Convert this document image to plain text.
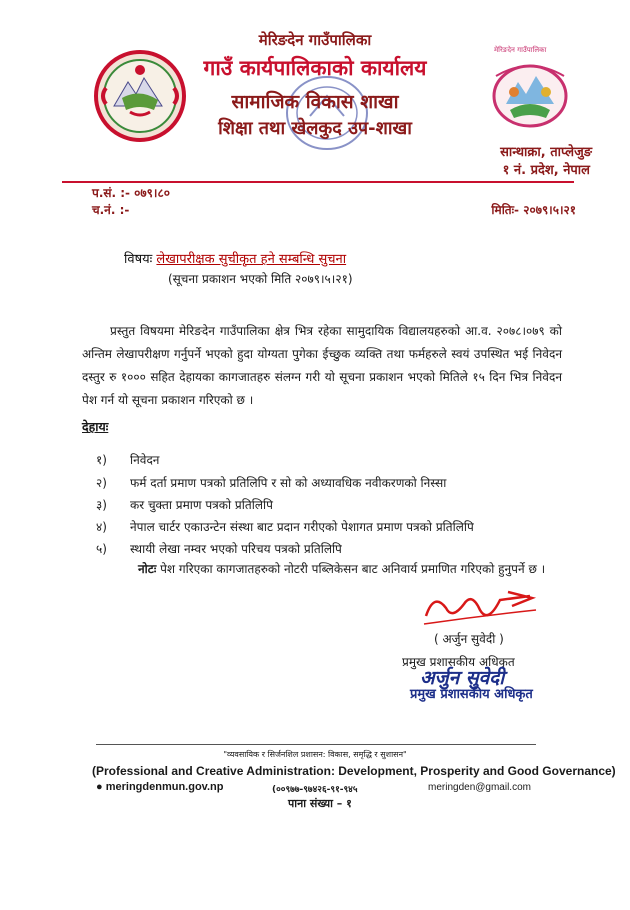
मेरिङदेन गाउँपालिका
मेरिङदेन गाउँपालिका
गाउँ कार्यपालिकाको कार्यालय
सामाजिक विकास शाखा
शिक्षा तथा खेलकुद उप-शाखा
सान्थाक्रा, ताप्लेजुङ
१ नं. प्रदेश, नेपाल
प.सं. :- ०७९।८०
च.नं. :-	मितिः- २०७९।५।२१
विषयः लेखापरीक्षक सुचीकृत हने सम्बन्धि सुचना
(सूचना प्रकाशन भएको मिति २०७९।५।२१)
प्रस्तुत विषयमा मेरिङदेन गाउँपालिका क्षेत्र भित्र रहेका सामुदायिक विद्यालयहरुको आ.व. २०७८।०७९ को अन्तिम लेखापरीक्षण गर्नुपर्ने भएको हुदा योग्यता पुगेका ईच्छुक व्यक्ति तथा फर्महरुले स्वयं उपस्थित भई निवेदन दस्तुर रु १००० सहित देहायका कागजातहरु संलग्न गरी यो सूचना प्रकाशन भएको मितिले १५ दिन भित्र निवेदन पेश गर्न यो सूचना प्रकाशन गरिएको छ ।
देहायः
१) निवेदन
२) फर्म दर्ता प्रमाण पत्रको प्रतिलिपि र सो को अध्यावधिक नवीकरणको निस्सा
३) कर चुक्ता प्रमाण पत्रको प्रतिलिपि
४) नेपाल चार्टर एकाउन्टेन संस्था बाट प्रदान गरीएको पेशागत प्रमाण पत्रको प्रतिलिपि
५) स्थायी लेखा नम्वर भएको परिचय पत्रको प्रतिलिपि
नोटः पेश गरिएका कागजातहरुको नोटरी पब्लिकेसन बाट अनिवार्य प्रमाणित गरिएको हुनुपर्ने छ ।
( अर्जुन सुवेदी )
प्रमुख प्रशासकीय अधिकृत
अर्जुन सुवेदी
प्रमुख प्रशासकीय अधिकृत
"व्यवसायिक र सिर्जनशिल प्रशासन: विकास, समृद्धि र सुशासन"
(Professional and Creative Administration: Development, Prosperity and Good Governance)
● meringdenmun.gov.np	(००९७७-९७४२६-९१-९४५	meringden@gmail.com
पाना संख्या – १
